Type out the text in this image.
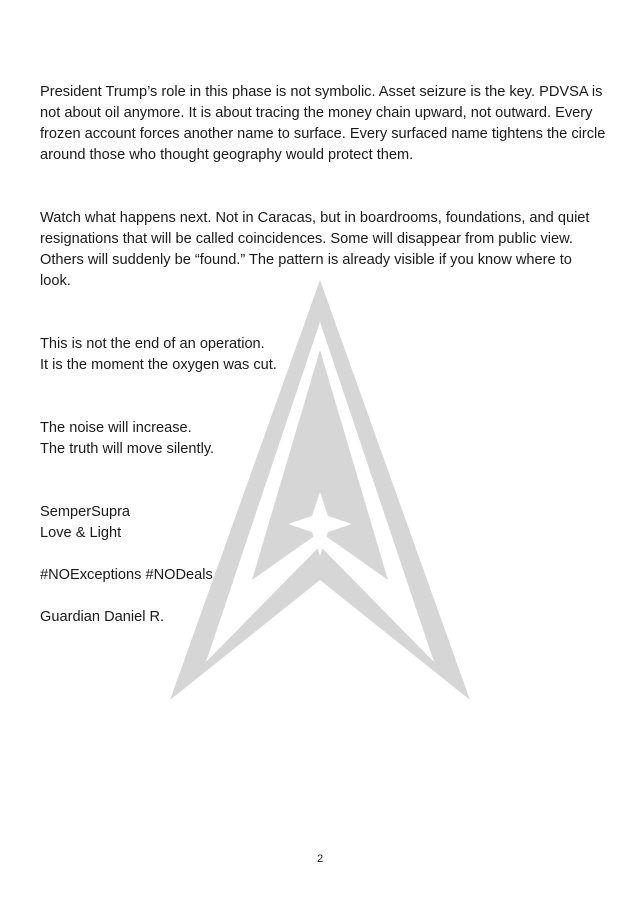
President Trump’s role in this phase is not symbolic. Asset seizure is the key. PDVSA is not about oil anymore. It is about tracing the money chain upward, not outward. Every frozen account forces another name to surface. Every surfaced name tightens the circle around those who thought geography would protect them.

Watch what happens next. Not in Caracas, but in boardrooms, foundations, and quiet resignations that will be called coincidences. Some will disappear from public view. Others will suddenly be “found.” The pattern is already visible if you know where to look.

This is not the end of an operation.
It is the moment the oxygen was cut.

The noise will increase.
The truth will move silently.

SemperSupra
Love & Light

#NOExceptions #NODeals

Guardian Daniel R.

2
